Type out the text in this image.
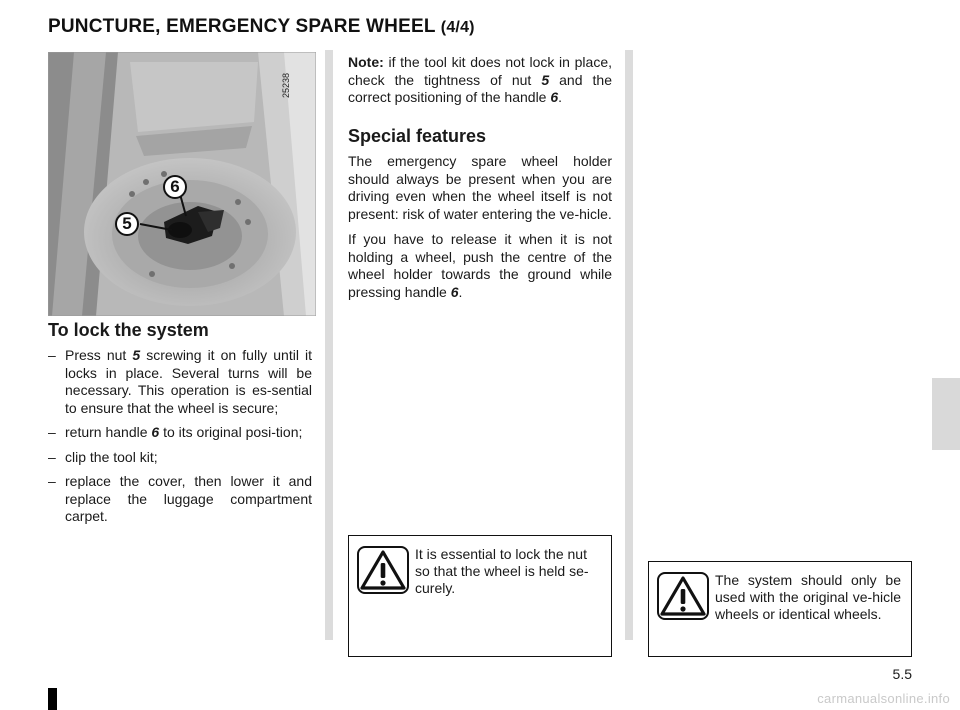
PUNCTURE, EMERGENCY SPARE WHEEL (4/4)
6
5
25238
To lock the system
– Press nut 5 screwing it on fully until it locks in place. Several turns will be necessary. This operation is es-sential to ensure that the wheel is secure;
– return handle 6 to its original posi-tion;
– clip the tool kit;
– replace the cover, then lower it and replace the luggage compartment carpet.

Note: if the tool kit does not lock in place, check the tightness of nut 5 and the correct positioning of the handle 6.

Special features

The emergency spare wheel holder should always be present when you are driving even when the wheel itself is not present: risk of water entering the ve-hicle.

If you have to release it when it is not holding a wheel, push the centre of the wheel holder towards the ground while pressing handle 6.

It is essential to lock the nut so that the wheel is held se-curely.	The system should only be used with the original ve-hicle wheels or identical wheels.
5.5
carmanualsonline.info
